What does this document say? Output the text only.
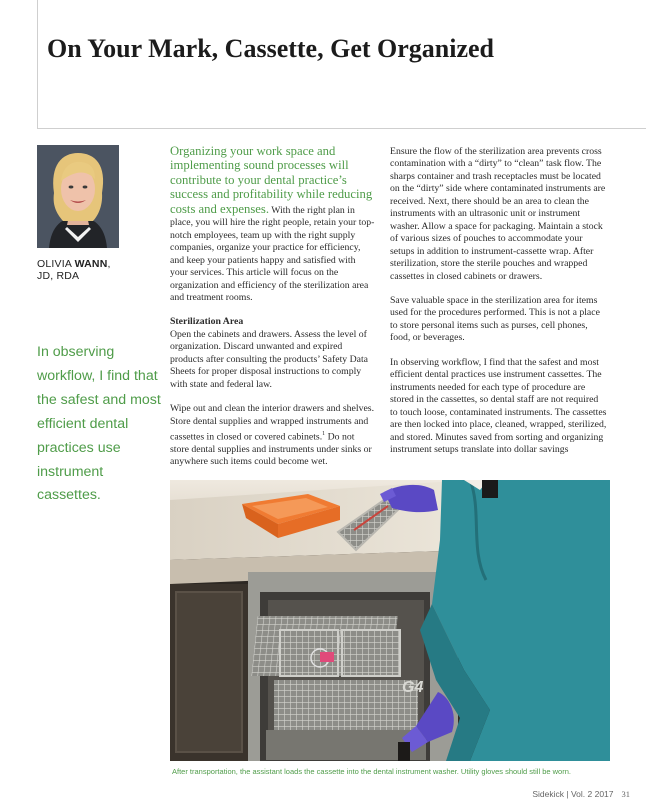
On Your Mark, Cassette, Get Organized
OLIVIA WANN,
JD, RDA
In observing workflow, I find that the safest and most efficient dental practices use instrument cassettes.

Organizing your work space and implementing sound processes will contribute to your dental practice’s success and profitability while reducing costs and expenses. With the right plan in place, you will hire the right people, retain your top-notch employees, team up with the right supply companies, organize your practice for efficiency, and keep your patients happy and satisfied with your services. This article will focus on the organization and efficiency of the sterilization area and treatment rooms.

Sterilization Area

Open the cabinets and drawers. Assess the level of organization. Discard unwanted and expired products after consulting the products’ Safety Data Sheets for proper disposal instructions to comply with state and federal law.

Wipe out and clean the interior drawers and shelves. Store dental supplies and wrapped instruments and cassettes in closed or covered cabinets.$^1$ Do not store dental supplies and instruments under sinks or anywhere such items could become wet.

Ensure the flow of the sterilization area prevents cross contamination with a “dirty” to “clean” task flow. The sharps container and trash receptacles must be located on the “dirty” side where contaminated instruments are received. Next, there should be an area to clean the instruments with an ultrasonic unit or instrument washer. Allow a space for packaging. Maintain a stock of various sizes of pouches to accommodate your setups in addition to instrument-cassette wrap. After sterilization, store the sterile pouches and wrapped cassettes in closed cabinets or drawers.

Save valuable space in the sterilization area for items used for the procedures performed. This is not a place to store personal items such as purses, cell phones, food, or beverages.

In observing workflow, I find that the safest and most efficient dental practices use instrument cassettes. The instruments needed for each type of procedure are stored in the cassettes, so dental staff are not required to touch loose, contaminated instruments. The cassettes are then locked into place, cleaned, wrapped, sterilized, and stored. Minutes saved from sorting and organizing instrument setups translate into dollar savings

G4
After transportation, the assistant loads the cassette into the dental instrument washer. Utility gloves should still be worn.
Sidekick | Vol. 2 2017 31
